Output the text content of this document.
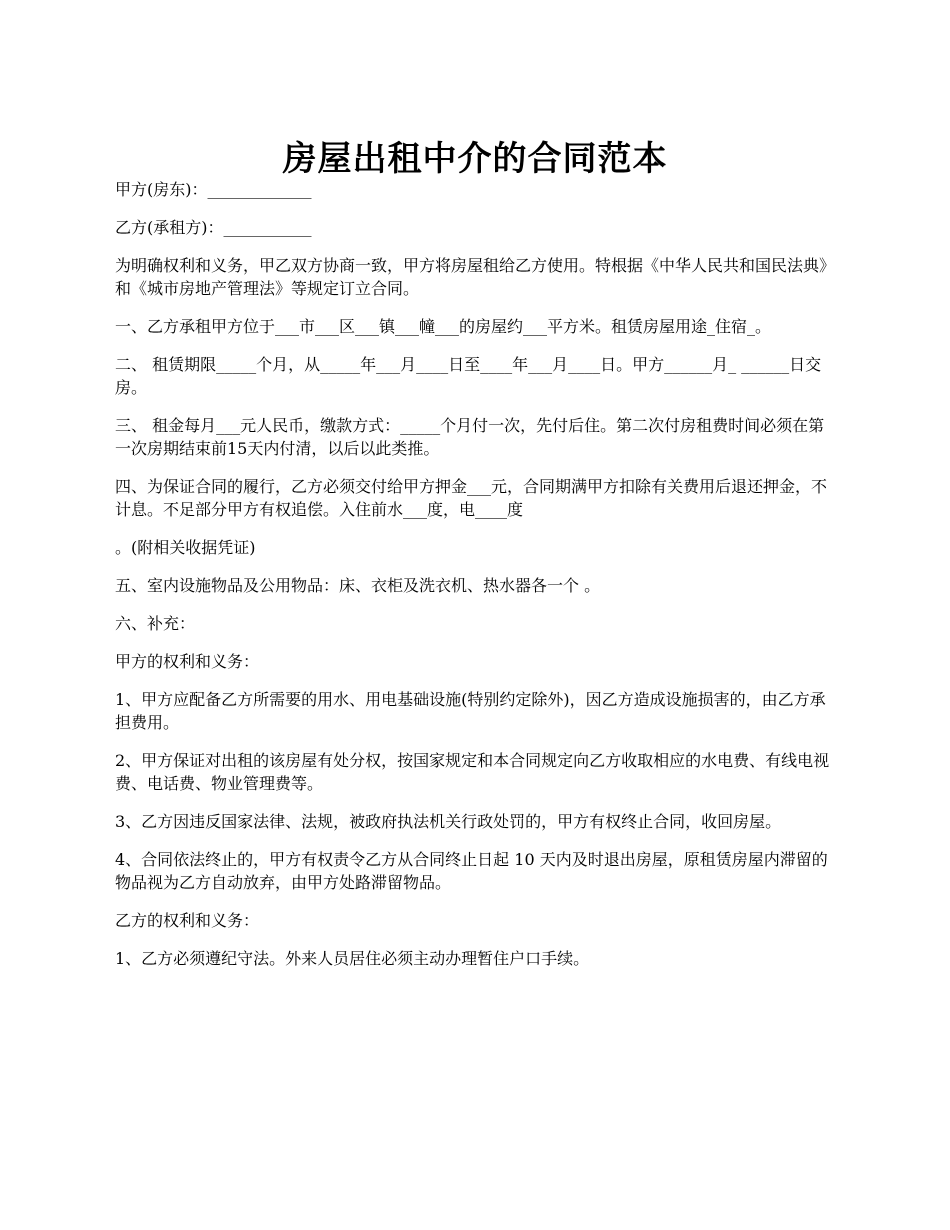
房屋出租中介的合同范本

甲方(房东)：_____________

乙方(承租方)：___________

为明确权利和义务，甲乙双方协商一致，甲方将房屋租给乙方使用。特根据《中华人民共和国民法典》和《城市房地产管理法》等规定订立合同。

一、乙方承租甲方位于___市___区___镇___幢___的房屋约___平方米。租赁房屋用途_住宿_。

二、 租赁期限_____个月，从_____年___月____日至____年___月____日。甲方______月_ ______日交房。

三、 租金每月___元人民币，缴款方式：_____个月付一次，先付后住。第二次付房租费时间必须在第一次房期结束前15天内付清，以后以此类推。

四、为保证合同的履行，乙方必须交付给甲方押金___元，合同期满甲方扣除有关费用后退还押金，不计息。不足部分甲方有权追偿。入住前水___度，电____度

。(附相关收据凭证)

五、室内设施物品及公用物品：床、衣柜及洗衣机、热水器各一个 。

六、补充：

甲方的权利和义务：

1、甲方应配备乙方所需要的用水、用电基础设施(特别约定除外)，因乙方造成设施损害的，由乙方承担费用。

2、甲方保证对出租的该房屋有处分权，按国家规定和本合同规定向乙方收取相应的水电费、有线电视费、电话费、物业管理费等。

3、乙方因违反国家法律、法规，被政府执法机关行政处罚的，甲方有权终止合同，收回房屋。

4、合同依法终止的，甲方有权责令乙方从合同终止日起 10 天内及时退出房屋，原租赁房屋内滞留的物品视为乙方自动放弃，由甲方处路滞留物品。

乙方的权利和义务：

1、乙方必须遵纪守法。外来人员居住必须主动办理暂住户口手续。
